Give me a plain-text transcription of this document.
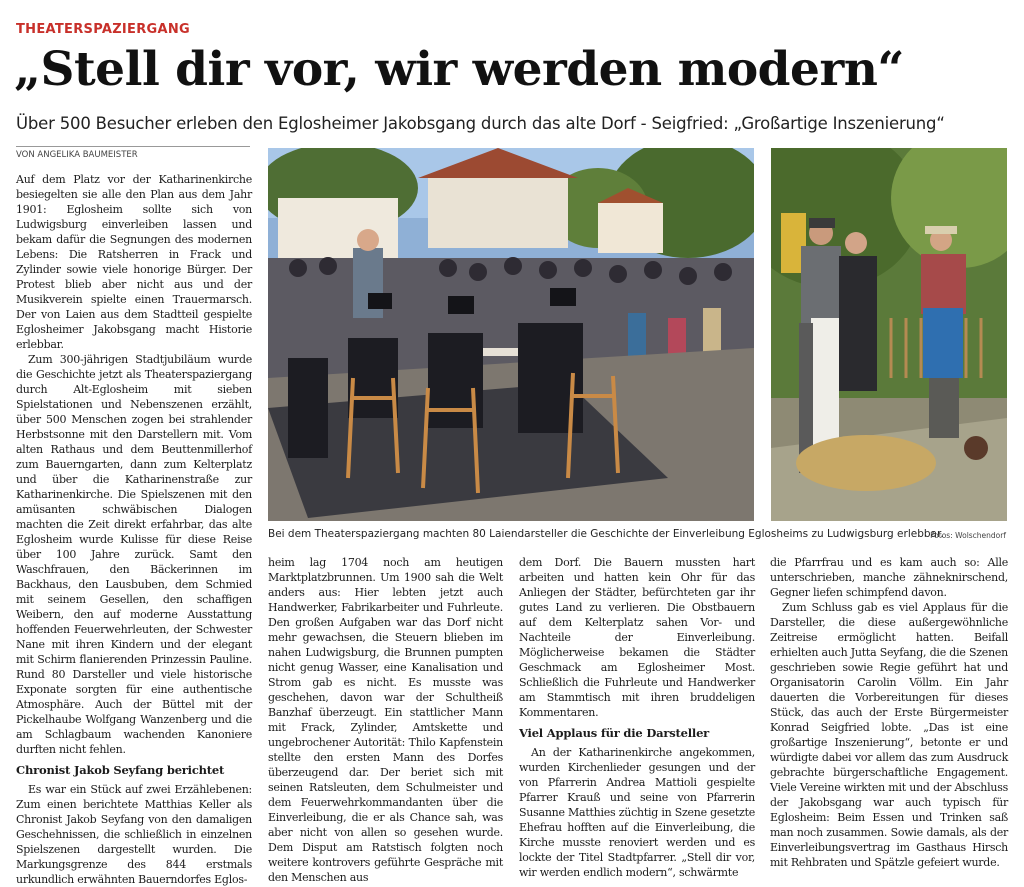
THEATERSPAZIERGANG
„Stell dir vor, wir werden modern“
Über 500 Besucher erleben den Eglosheimer Jakobsgang durch das alte Dorf - Seigfried: „Großartige Inszenierung“
VON ANGELIKA BAUMEISTER

Auf dem Platz vor der Katharinenkirche besiegelten sie alle den Plan aus dem Jahr 1901: Eglosheim sollte sich von Ludwigsburg einverleiben lassen und bekam dafür die Segnungen des modernen Lebens: Die Ratsherren in Frack und Zylinder sowie viele honorige Bürger. Der Protest blieb aber nicht aus und der Musikverein spielte einen Trauermarsch. Der von Laien aus dem Stadtteil gespielte Eglosheimer Jakobsgang macht Historie erlebbar.

Zum 300-jährigen Stadtjubiläum wurde die Geschichte jetzt als Theaterspaziergang durch Alt-Eglosheim mit sieben Spielstationen und Nebenszenen erzählt, über 500 Menschen zogen bei strahlender Herbstsonne mit den Darstellern mit. Vom alten Rathaus und dem Beuttenmillerhof zum Bauerngarten, dann zum Kelterplatz und über die Katharinenstraße zur Katharinenkirche. Die Spielszenen mit den amüsanten schwäbischen Dialogen machten die Zeit direkt erfahrbar, das alte Eglosheim wurde Kulisse für diese Reise über 100 Jahre zurück. Samt den Waschfrauen, den Bäckerinnen im Backhaus, den Lausbuben, dem Schmied mit seinem Gesellen, den schaffigen Weibern, den auf moderne Ausstattung hoffenden Feuerwehrleuten, der Schwester Nane mit ihren Kindern und der elegant mit Schirm flanierenden Prinzessin Pauline. Rund 80 Darsteller und viele historische Exponate sorgten für eine authentische Atmosphäre. Auch der Büttel mit der Pickelhaube Wolfgang Wanzenberg und die am Schlagbaum wachenden Kanoniere durften nicht fehlen.

Chronist Jakob Seyfang berichtet

Es war ein Stück auf zwei Erzählebenen: Zum einen berichtete Matthias Keller als Chronist Jakob Seyfang von den damaligen Geschehnissen, die schließlich in einzelnen Spielszenen dargestellt wurden. Die Markungsgrenze des 844 erstmals urkundlich erwähnten Bauerndorfes Eglos-

Bei dem Theaterspaziergang machten 80 Laiendarsteller die Geschichte der Einverleibung Eglosheims zu Ludwigsburg erlebbar.
Fotos: Wolschendorf

heim lag 1704 noch am heutigen Marktplatzbrunnen. Um 1900 sah die Welt anders aus: Hier lebten jetzt auch Handwerker, Fabrikarbeiter und Fuhrleute. Den großen Aufgaben war das Dorf nicht mehr gewachsen, die Steuern blieben im nahen Ludwigsburg, die Brunnen pumpten nicht genug Wasser, eine Kanalisation und Strom gab es nicht. Es musste was geschehen, davon war der Schultheiß Banzhaf überzeugt. Ein stattlicher Mann mit Frack, Zylinder, Amtskette und ungebrochener Autorität: Thilo Kapfenstein stellte den ersten Mann des Dorfes überzeugend dar. Der beriet sich mit seinen Ratsleuten, dem Schulmeister und dem Feuerwehrkommandanten über die Einverleibung, die er als Chance sah, was aber nicht von allen so gesehen wurde. Dem Disput am Ratstisch folgten noch weitere kontrovers geführte Gespräche mit den Menschen aus

dem Dorf. Die Bauern mussten hart arbeiten und hatten kein Ohr für das Anliegen der Städter, befürchteten gar ihr gutes Land zu verlieren. Die Obstbauern auf dem Kelterplatz sahen Vor- und Nachteile der Einverleibung. Möglicherweise bekamen die Städter Geschmack am Eglosheimer Most. Schließlich die Fuhrleute und Handwerker am Stammtisch mit ihren bruddeligen Kommentaren.

Viel Applaus für die Darsteller

An der Katharinenkirche angekommen, wurden Kirchenlieder gesungen und der von Pfarrerin Andrea Mattioli gespielte Pfarrer Krauß und seine von Pfarrerin Susanne Matthies züchtig in Szene gesetzte Ehefrau hofften auf die Einverleibung, die Kirche musste renoviert werden und es lockte der Titel Stadtpfarrer. „Stell dir vor, wir werden endlich modern“, schwärmte

die Pfarrfrau und es kam auch so: Alle unterschrieben, manche zähneknirschend, Gegner liefen schimpfend davon.

Zum Schluss gab es viel Applaus für die Darsteller, die diese außergewöhnliche Zeitreise ermöglicht hatten. Beifall erhielten auch Jutta Seyfang, die die Szenen geschrieben sowie Regie geführt hat und Organisatorin Carolin Völlm. Ein Jahr dauerten die Vorbereitungen für dieses Stück, das auch der Erste Bürgermeister Konrad Seigfried lobte. „Das ist eine großartige Inszenierung“, betonte er und würdigte dabei vor allem das zum Ausdruck gebrachte bürgerschaftliche Engagement. Viele Vereine wirkten mit und der Abschluss der Jakobsgang war auch typisch für Eglosheim: Beim Essen und Trinken saß man noch zusammen. Sowie damals, als der Einverleibungsvertrag im Gasthaus Hirsch mit Rehbraten und Spätzle gefeiert wurde.
